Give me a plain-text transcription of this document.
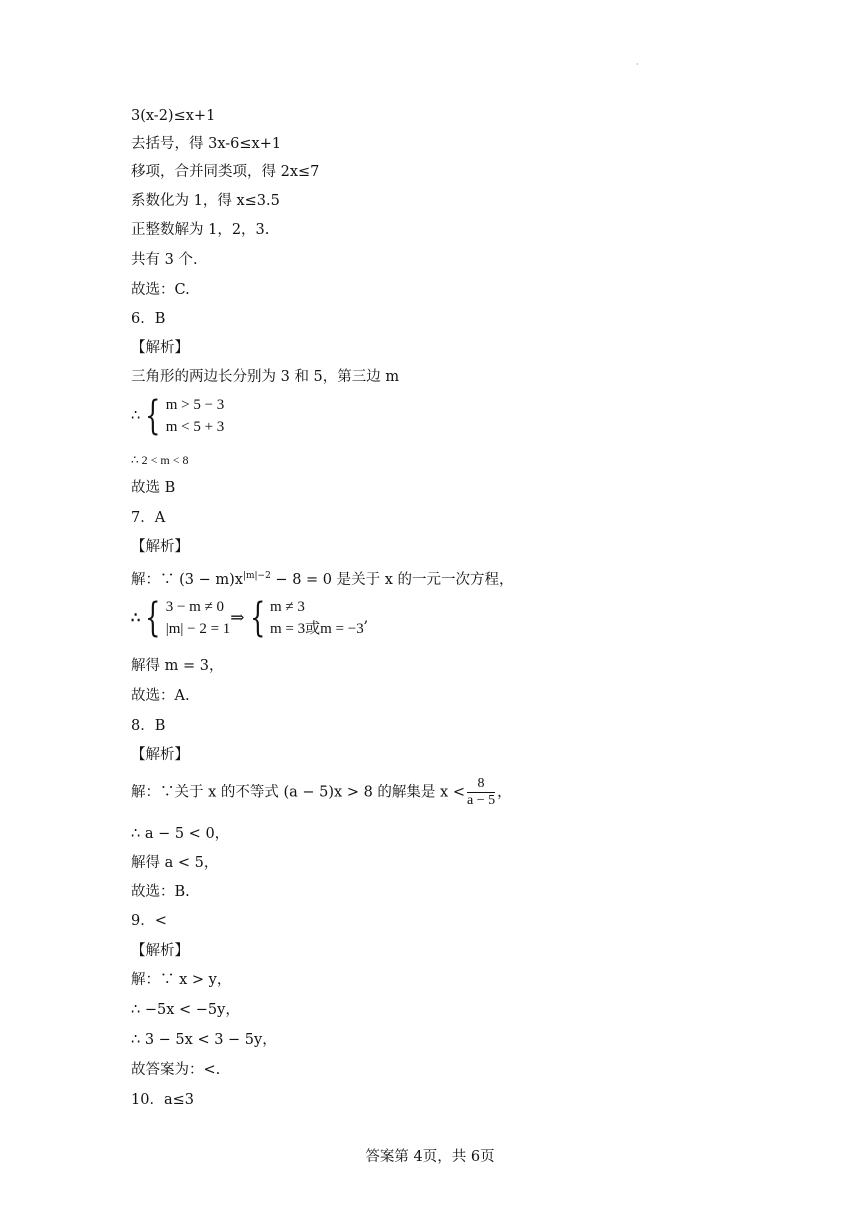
·
3(x-2)≤x+1
去括号，得 3x-6≤x+1
移项，合并同类项，得 2x≤7
系数化为 1，得 x≤3.5
正整数解为 1，2，3.
共有 3 个.
故选：C.
6．B
【解析】
三角形的两边长分别为 3 和 5，第三边 m
∴ { m > 5 − 3
m < 5 + 3
∴ 2 < m < 8
故选 B
7．A
【解析】
解：∵ $(3 - m)x^{|m|-2} - 8 = 0$ 是关于 x 的一元一次方程，
∴ { 3 − m ≠ 0
|m| − 2 = 1
⇒ { m ≠ 3
m = 3或m = −3
,
解得 m = 3，
故选：A.
8．B
【解析】
解：∵关于 x 的不等式 (a − 5)x > 8 的解集是 $x < \frac{8}{a - 5}$ ，
∴ a − 5 < 0，
解得 a < 5，
故选：B.
9．<
【解析】
解：∵ x > y，
∴ −5x < −5y，
∴ 3 − 5x < 3 − 5y，
故答案为：<.
10．a≤3
答案第 4页，共 6页
